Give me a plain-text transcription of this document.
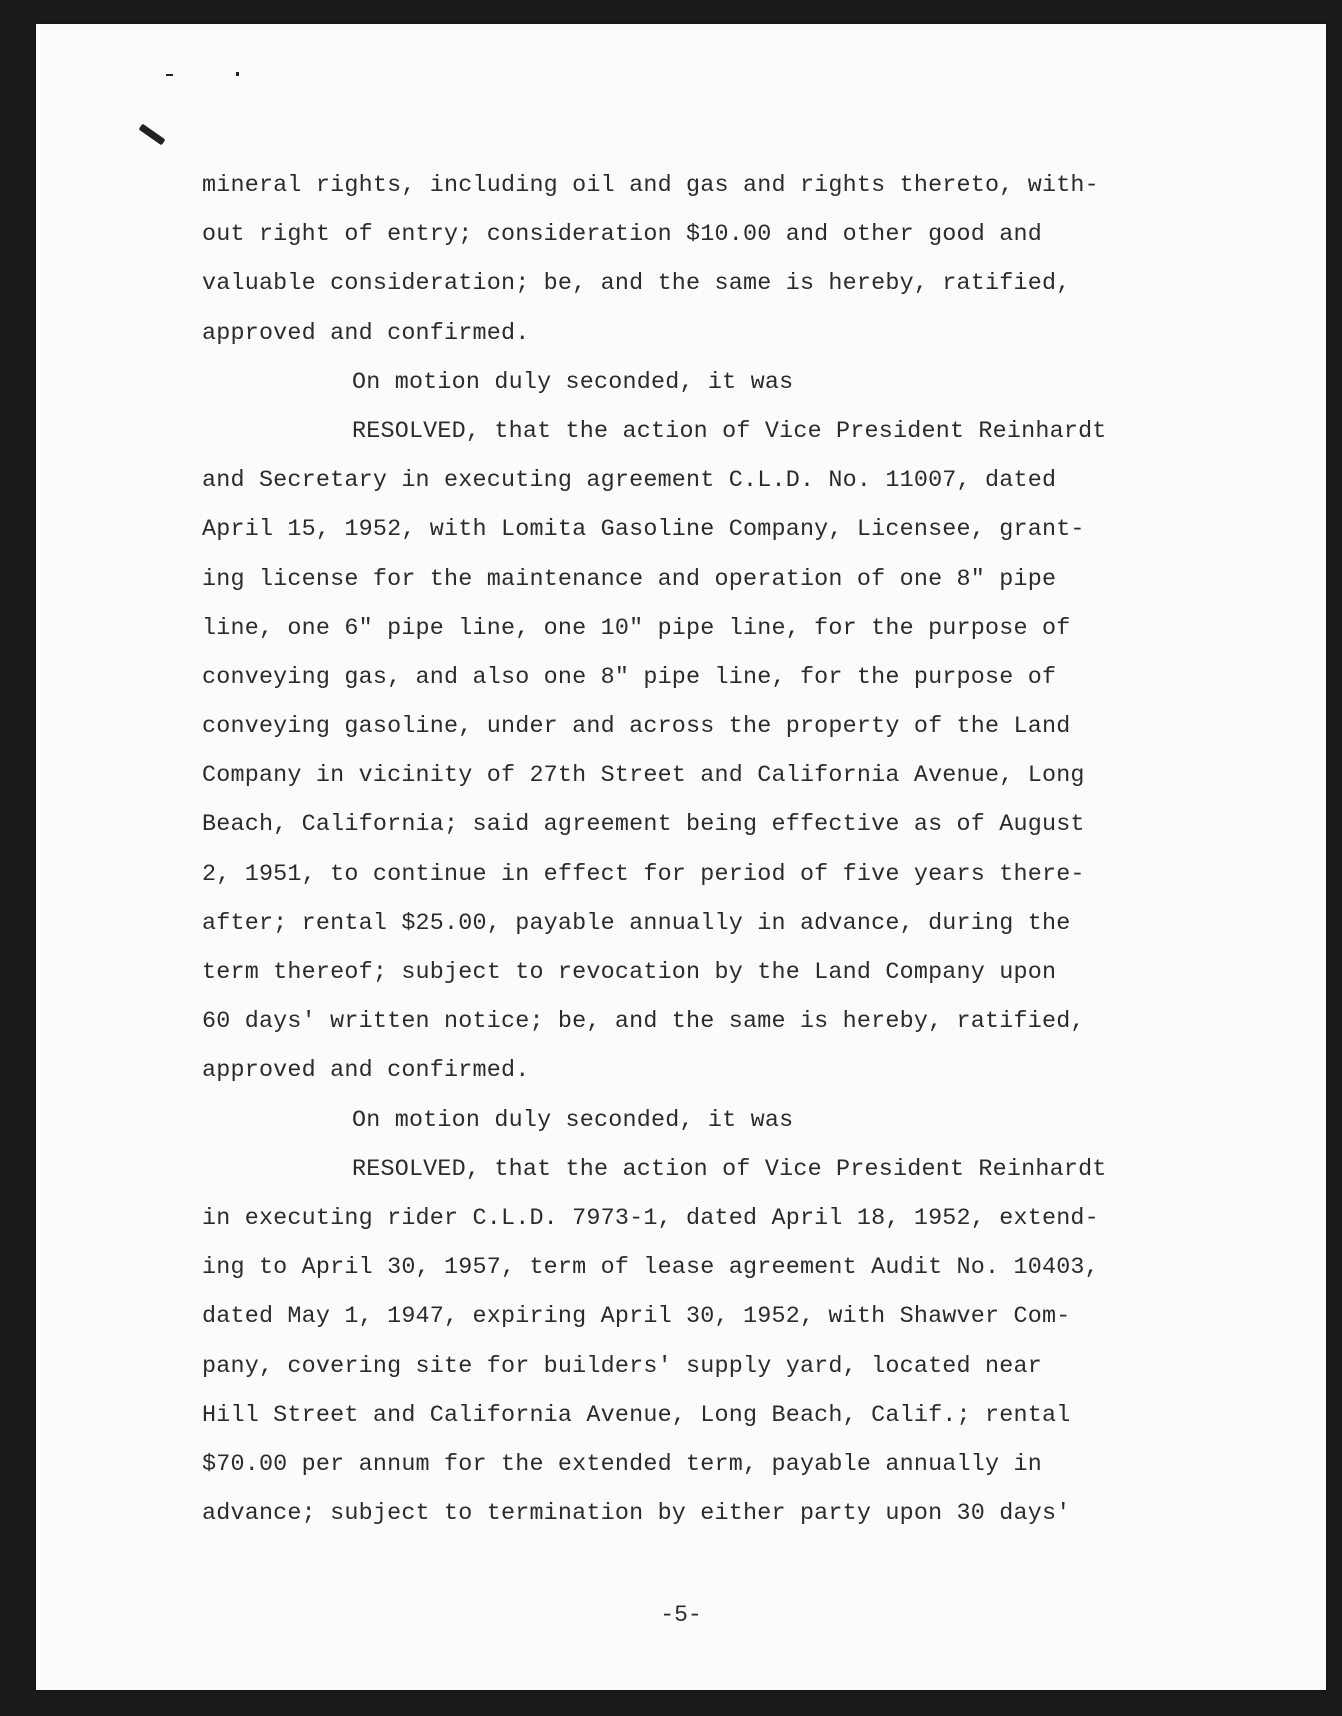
mineral rights, including oil and gas and rights thereto, with-
out right of entry; consideration $10.00 and other good and
valuable consideration; be, and the same is hereby, ratified,
approved and confirmed.
On motion duly seconded, it was
RESOLVED, that the action of Vice President Reinhardt
and Secretary in executing agreement C.L.D. No. 11007, dated
April 15, 1952, with Lomita Gasoline Company, Licensee, grant-
ing license for the maintenance and operation of one 8" pipe
line, one 6" pipe line, one 10" pipe line, for the purpose of
conveying gas, and also one 8" pipe line, for the purpose of
conveying gasoline, under and across the property of the Land
Company in vicinity of 27th Street and California Avenue, Long
Beach, California; said agreement being effective as of August
2, 1951, to continue in effect for period of five years there-
after; rental $25.00, payable annually in advance, during the
term thereof; subject to revocation by the Land Company upon
60 days' written notice; be, and the same is hereby, ratified,
approved and confirmed.
On motion duly seconded, it was
RESOLVED, that the action of Vice President Reinhardt
in executing rider C.L.D. 7973-1, dated April 18, 1952, extend-
ing to April 30, 1957, term of lease agreement Audit No. 10403,
dated May 1, 1947, expiring April 30, 1952, with Shawver Com-
pany, covering site for builders' supply yard, located near
Hill Street and California Avenue, Long Beach, Calif.; rental
$70.00 per annum for the extended term, payable annually in
advance; subject to termination by either party upon 30 days'
-5-
